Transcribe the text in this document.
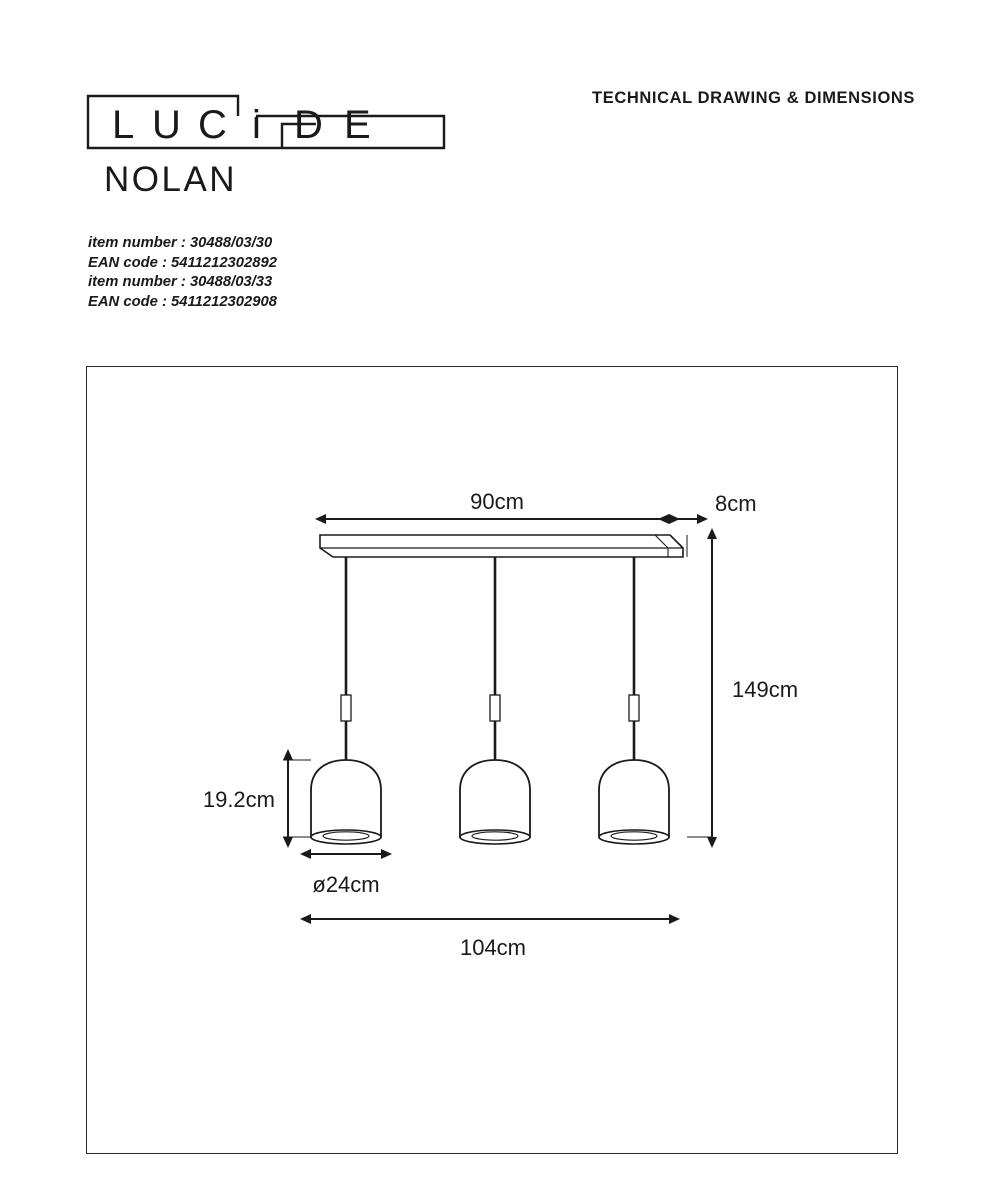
L U C i D E
TECHNICAL DRAWING & DIMENSIONS
NOLAN
item number : 30488/03/30
EAN code : 5411212302892
item number : 30488/03/33
EAN code : 5411212302908
90cm	8cm
149cm
19.2cm
ø24cm
104cm
